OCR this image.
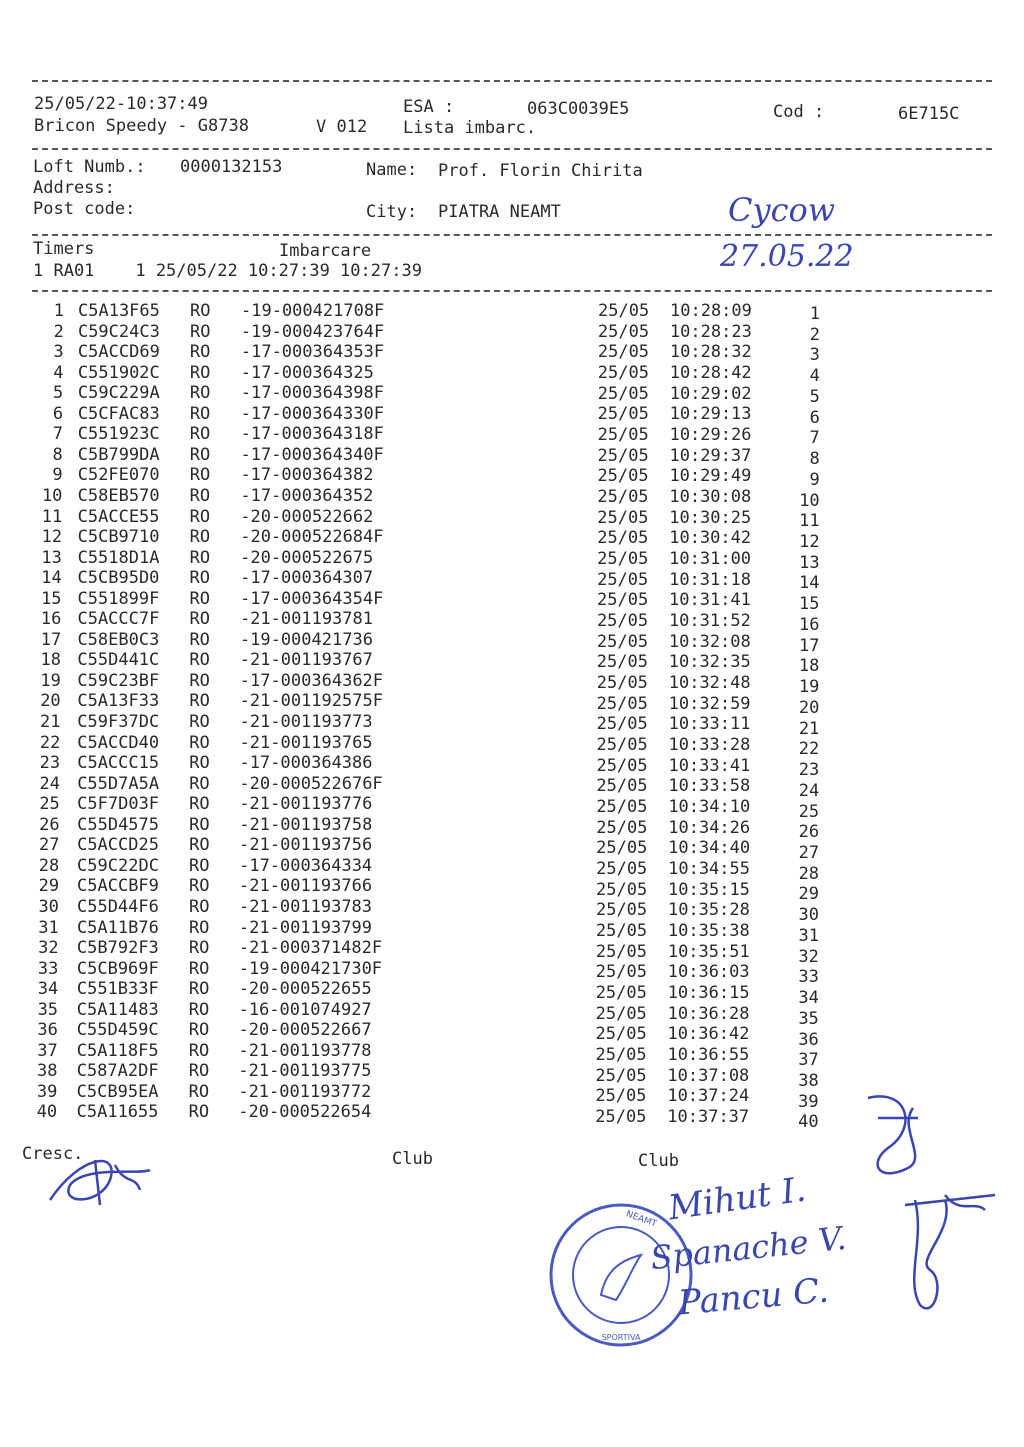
25/05/22-10:37:49	ESA :	063C0039E5	Cod :	6E715C
Bricon Speedy - G8738	V 012 Lista imbarc.
Loft Numb.: 0000132153	Name: Prof. Florin Chirita
Address:
Post code:	City: PIATRA NEAMT	Cycow
27.05.22
Timers	Imbarcare
1 RA01    1 25/05/22 10:27:39 10:27:39
1 C5A13F65 RO -19-000421708F	25/05 10:28:09	1
2 C59C24C3 RO -19-000423764F	25/05 10:28:23	2
3 C5ACCD69 RO -17-000364353F	25/05 10:28:32	3
4 C551902C RO -17-000364325	25/05 10:28:42	4
5 C59C229A RO -17-000364398F	25/05 10:29:02	5
6 C5CFAC83 RO -17-000364330F	25/05 10:29:13	6
7 C551923C RO -17-000364318F	25/05 10:29:26	7
8 C5B799DA RO -17-000364340F	25/05 10:29:37	8
9 C52FE070 RO -17-000364382	25/05 10:29:49	9
10 C58EB570 RO -17-000364352	25/05 10:30:08	10
11 C5ACCE55 RO -20-000522662	25/05 10:30:25	11
12 C5CB9710 RO -20-000522684F	25/05 10:30:42	12
13 C5518D1A RO -20-000522675	25/05 10:31:00	13
14 C5CB95D0 RO -17-000364307	25/05 10:31:18	14
15 C551899F RO -17-000364354F	25/05 10:31:41	15
16 C5ACCC7F RO -21-001193781	25/05 10:31:52	16
17 C58EB0C3 RO -19-000421736	25/05 10:32:08	17
18 C55D441C RO -21-001193767	25/05 10:32:35	18
19 C59C23BF RO -17-000364362F	25/05 10:32:48	19
20 C5A13F33 RO -21-001192575F	25/05 10:32:59	20
21 C59F37DC RO -21-001193773	25/05 10:33:11	21
22 C5ACCD40 RO -21-001193765	25/05 10:33:28	22
23 C5ACCC15 RO -17-000364386	25/05 10:33:41	23
24 C55D7A5A RO -20-000522676F	25/05 10:33:58	24
25 C5F7D03F RO -21-001193776	25/05 10:34:10	25
26 C55D4575 RO -21-001193758	25/05 10:34:26	26
27 C5ACCD25 RO -21-001193756	25/05 10:34:40	27
28 C59C22DC RO -17-000364334	25/05 10:34:55	28
29 C5ACCBF9 RO -21-001193766	25/05 10:35:15	29
30 C55D44F6 RO -21-001193783	25/05 10:35:28	30
31 C5A11B76 RO -21-001193799	25/05 10:35:38	31
32 C5B792F3 RO -21-000371482F	25/05 10:35:51	32
33 C5CB969F RO -19-000421730F	25/05 10:36:03	33
34 C551B33F RO -20-000522655	25/05 10:36:15	34
35 C5A11483 RO -16-001074927	25/05 10:36:28	35
36 C55D459C RO -20-000522667	25/05 10:36:42	36
37 C5A118F5 RO -21-001193778	25/05 10:36:55	37
38 C587A2DF RO -21-001193775	25/05 10:37:08	38
39 C5CB95EA RO -21-001193772	25/05 10:37:24	39
40 C5A11655 RO -20-000522654	25/05 10:37:37	40
Cresc.	Club	Club
NEAMT
SPORTIVA
Mihut I.
Spanache V.
Pancu C.
